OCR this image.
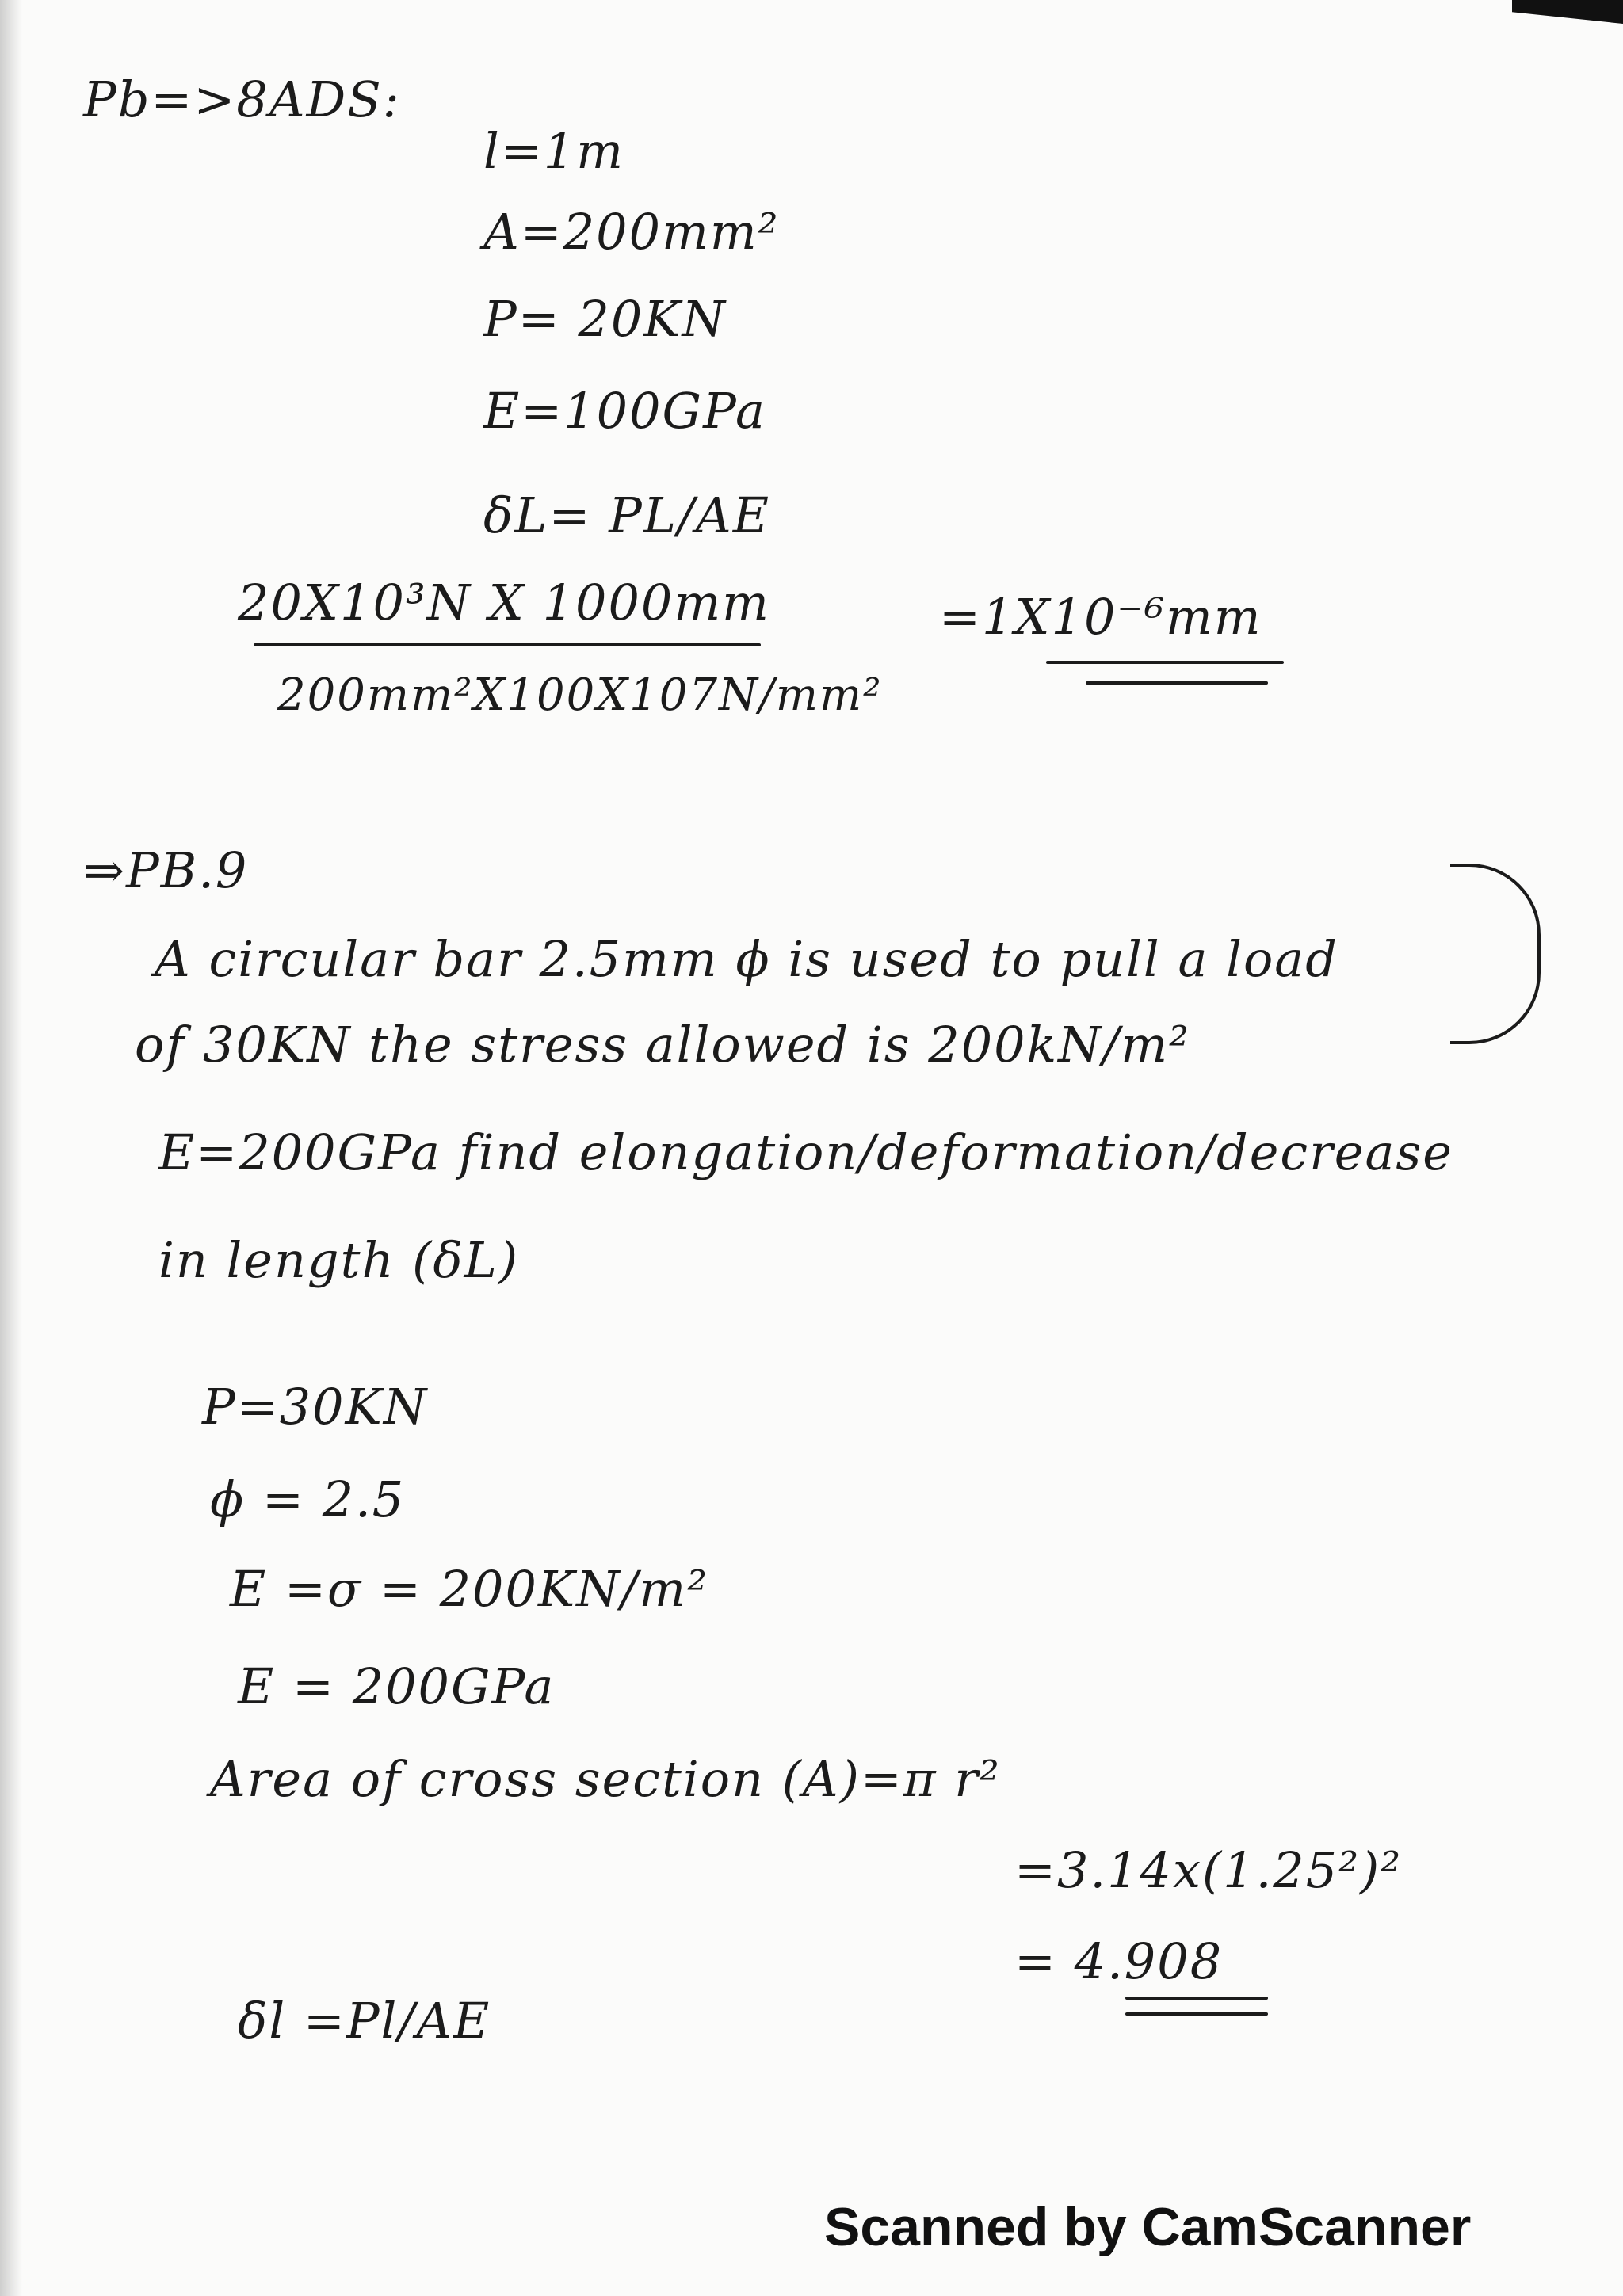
Pb=>8ADS:
l=1m
A=200mm²
P= 20KN
E=100GPa
δL= PL/AE
20X10³N X 1000mm
200mm²X100X107N/mm²
=1X10⁻⁶mm
⇒PB.9
A circular bar 2.5mm ϕ is used to pull a load
of 30KN the stress allowed is 200kN/m²
E=200GPa find elongation/deformation/decrease
in length (δL)
P=30KN
ϕ = 2.5
E =σ = 200KN/m²
E = 200GPa
Area of cross section (A)=π r²
=3.14x(1.25²)²
= 4.908
δl =Pl/AE
Scanned by CamScanner
